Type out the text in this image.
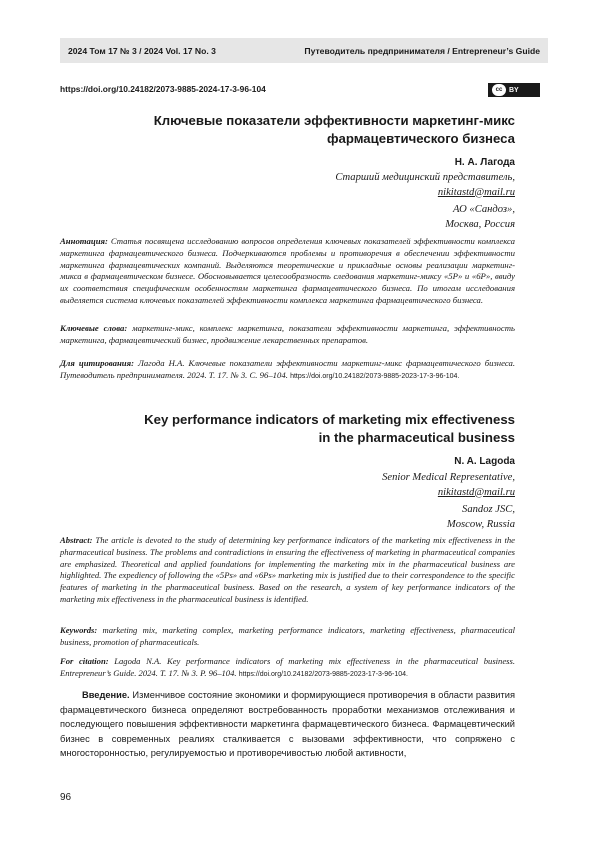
2024 Том 17 № 3 / 2024 Vol. 17 No. 3	Путеводитель предпринимателя / Entrepreneur’s Guide
https://doi.org/10.24182/2073-9885-2024-17-3-96-104	cc BY
Ключевые показатели эффективности маркетинг-микс
фармацевтического бизнеса
Н. А. Лагода
Старший медицинский представитель,
nikitastd@mail.ru
АО «Сандоз»,
Москва, Россия
Аннотация: Статья посвящена исследованию вопросов определения ключевых показателей эффективности комплекса маркетинга фармацевтического бизнеса. Подчеркиваются проблемы и противоречия в обеспечении эффективности маркетинга фармацевтических компаний. Выделяются теоретические и прикладные основы реализации маркетинг-микса в фармацевтическом бизнесе. Обосновывается целесообразность следования маркетинг-миксу «5Р» и «6Р», ввиду их соответствия специфическим особенностям маркетинга фармацевтического бизнеса. По итогам исследования выделяется система ключевых показателей эффективности комплекса маркетинга фармацевтического бизнеса.
Ключевые слова: маркетинг-микс, комплекс маркетинга, показатели эффективности маркетинга, эффективность маркетинга, фармацевтический бизнес, продвижение лекарственных препаратов.
Для цитирования: Лагода Н.А. Ключевые показатели эффективности маркетинг-микс фармацевтического бизнеса. Путеводитель предпринимателя. 2024. Т. 17. № 3. С. 96–104. https://doi.org/10.24182/2073-9885-2023-17-3-96-104.
Key performance indicators of marketing mix effectiveness
in the pharmaceutical business
N. A. Lagoda
Senior Medical Representative,
nikitastd@mail.ru
Sandoz JSC,
Moscow, Russia
Abstract: The article is devoted to the study of determining key performance indicators of the marketing mix effectiveness in the pharmaceutical business. The problems and contradictions in ensuring the effectiveness of marketing in pharmaceutical companies are emphasized. Theoretical and applied foundations for implementing the marketing mix in the pharmaceutical business are highlighted. The expediency of following the «5Ps» and «6Ps» marketing mix is justified due to their correspondence to the specific features of marketing in the pharmaceutical business. Based on the research, a system of key performance indicators of the marketing mix effectiveness in the pharmaceutical business is identified.
Keywords: marketing mix, marketing complex, marketing performance indicators, marketing effectiveness, pharmaceutical business, promotion of pharmaceuticals.
For citation: Lagoda N.A. Key performance indicators of marketing mix effectiveness in the pharmaceutical business. Entrepreneur’s Guide. 2024. T. 17. № 3. P. 96–104. https://doi.org/10.24182/2073-9885-2023-17-3-96-104.
Введение. Изменчивое состояние экономики и формирующиеся противоречия в области развития фармацевтического бизнеса определяют востребованность проработки механизмов отслеживания и последующего повышения эффективности маркетинга фармацевтического бизнеса. Фармацевтический бизнес в современных реалиях сталкивается с вызовами эффективности, что сопряжено с многосторонностью, регулируемостью и противоречивостью любой активности,
96
